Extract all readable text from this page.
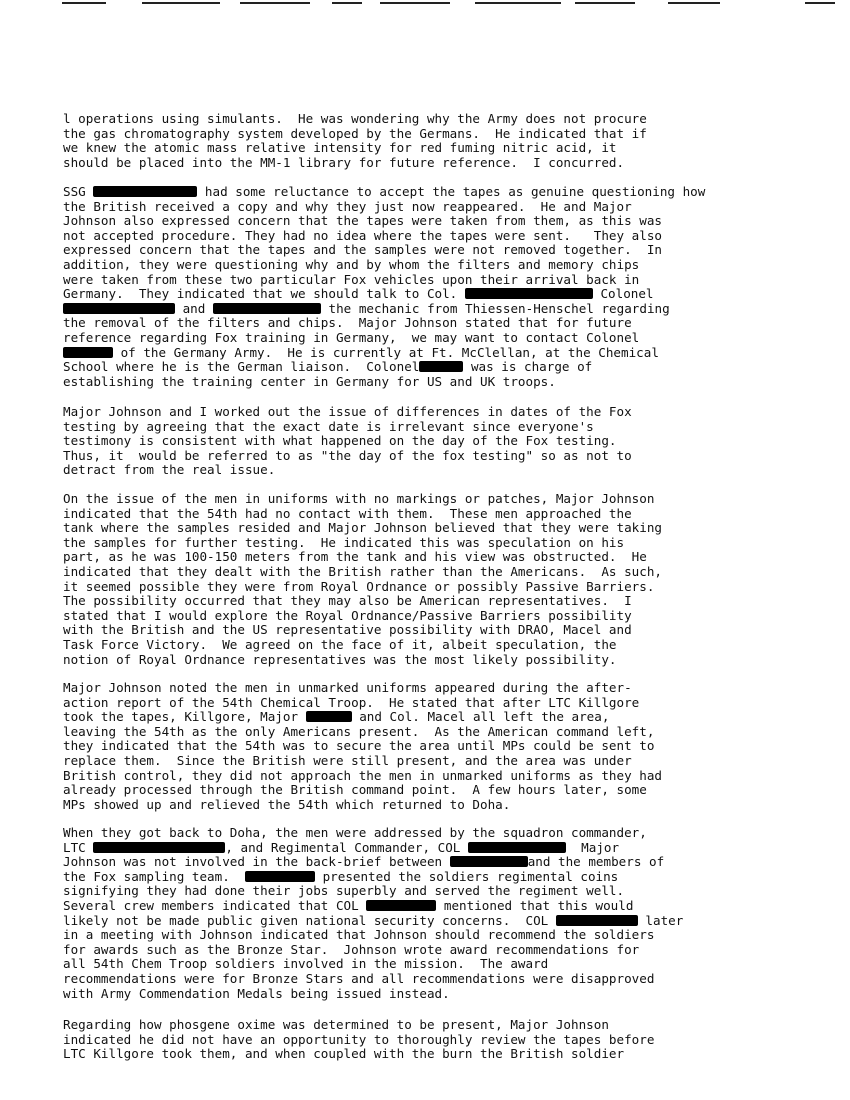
l operations using simulants.  He was wondering why the Army does not procure
the gas chromatography system developed by the Germans.  He indicated that if
we knew the atomic mass relative intensity for red fuming nitric acid, it
should be placed into the MM-1 library for future reference.  I concurred.
SSG	had some reluctance to accept the tapes as genuine questioning how
the British received a copy and why they just now reappeared.  He and Major
Johnson also expressed concern that the tapes were taken from them, as this was
not accepted procedure. They had no idea where the tapes were sent.   They also
expressed concern that the tapes and the samples were not removed together.  In
addition, they were questioning why and by whom the filters and memory chips
were taken from these two particular Fox vehicles upon their arrival back in
Germany.  They indicated that we should talk to Col.	Colonel
and	the mechanic from Thiessen-Henschel regarding
the removal of the filters and chips.  Major Johnson stated that for future
reference regarding Fox training in Germany,  we may want to contact Colonel
of the Germany Army.  He is currently at Ft. McClellan, at the Chemical
School where he is the German liaison.  Colonel	was is charge of
establishing the training center in Germany for US and UK troops.
Major Johnson and I worked out the issue of differences in dates of the Fox
testing by agreeing that the exact date is irrelevant since everyone's
testimony is consistent with what happened on the day of the Fox testing.
Thus, it  would be referred to as "the day of the fox testing" so as not to
detract from the real issue.
On the issue of the men in uniforms with no markings or patches, Major Johnson
indicated that the 54th had no contact with them.  These men approached the
tank where the samples resided and Major Johnson believed that they were taking
the samples for further testing.  He indicated this was speculation on his
part, as he was 100-150 meters from the tank and his view was obstructed.  He
indicated that they dealt with the British rather than the Americans.  As such,
it seemed possible they were from Royal Ordnance or possibly Passive Barriers.
The possibility occurred that they may also be American representatives.  I
stated that I would explore the Royal Ordnance/Passive Barriers possibility
with the British and the US representative possibility with DRAO, Macel and
Task Force Victory.  We agreed on the face of it, albeit speculation, the
notion of Royal Ordnance representatives was the most likely possibility.
Major Johnson noted the men in unmarked uniforms appeared during the after-
action report of the 54th Chemical Troop.  He stated that after LTC Killgore
took the tapes, Killgore, Major	and Col. Macel all left the area,
leaving the 54th as the only Americans present.  As the American command left,
they indicated that the 54th was to secure the area until MPs could be sent to
replace them.  Since the British were still present, and the area was under
British control, they did not approach the men in unmarked uniforms as they had
already processed through the British command point.  A few hours later, some
MPs showed up and relieved the 54th which returned to Doha.
When they got back to Doha, the men were addressed by the squadron commander,
LTC	, and Regimental Commander, COL	Major
Johnson was not involved in the back-brief between	and the members of
the Fox sampling team.	presented the soldiers regimental coins
signifying they had done their jobs superbly and served the regiment well.
Several crew members indicated that COL	mentioned that this would
likely not be made public given national security concerns.  COL	later
in a meeting with Johnson indicated that Johnson should recommend the soldiers
for awards such as the Bronze Star.  Johnson wrote award recommendations for
all 54th Chem Troop soldiers involved in the mission.  The award
recommendations were for Bronze Stars and all recommendations were disapproved
with Army Commendation Medals being issued instead.
Regarding how phosgene oxime was determined to be present, Major Johnson
indicated he did not have an opportunity to thoroughly review the tapes before
LTC Killgore took them, and when coupled with the burn the British soldier
